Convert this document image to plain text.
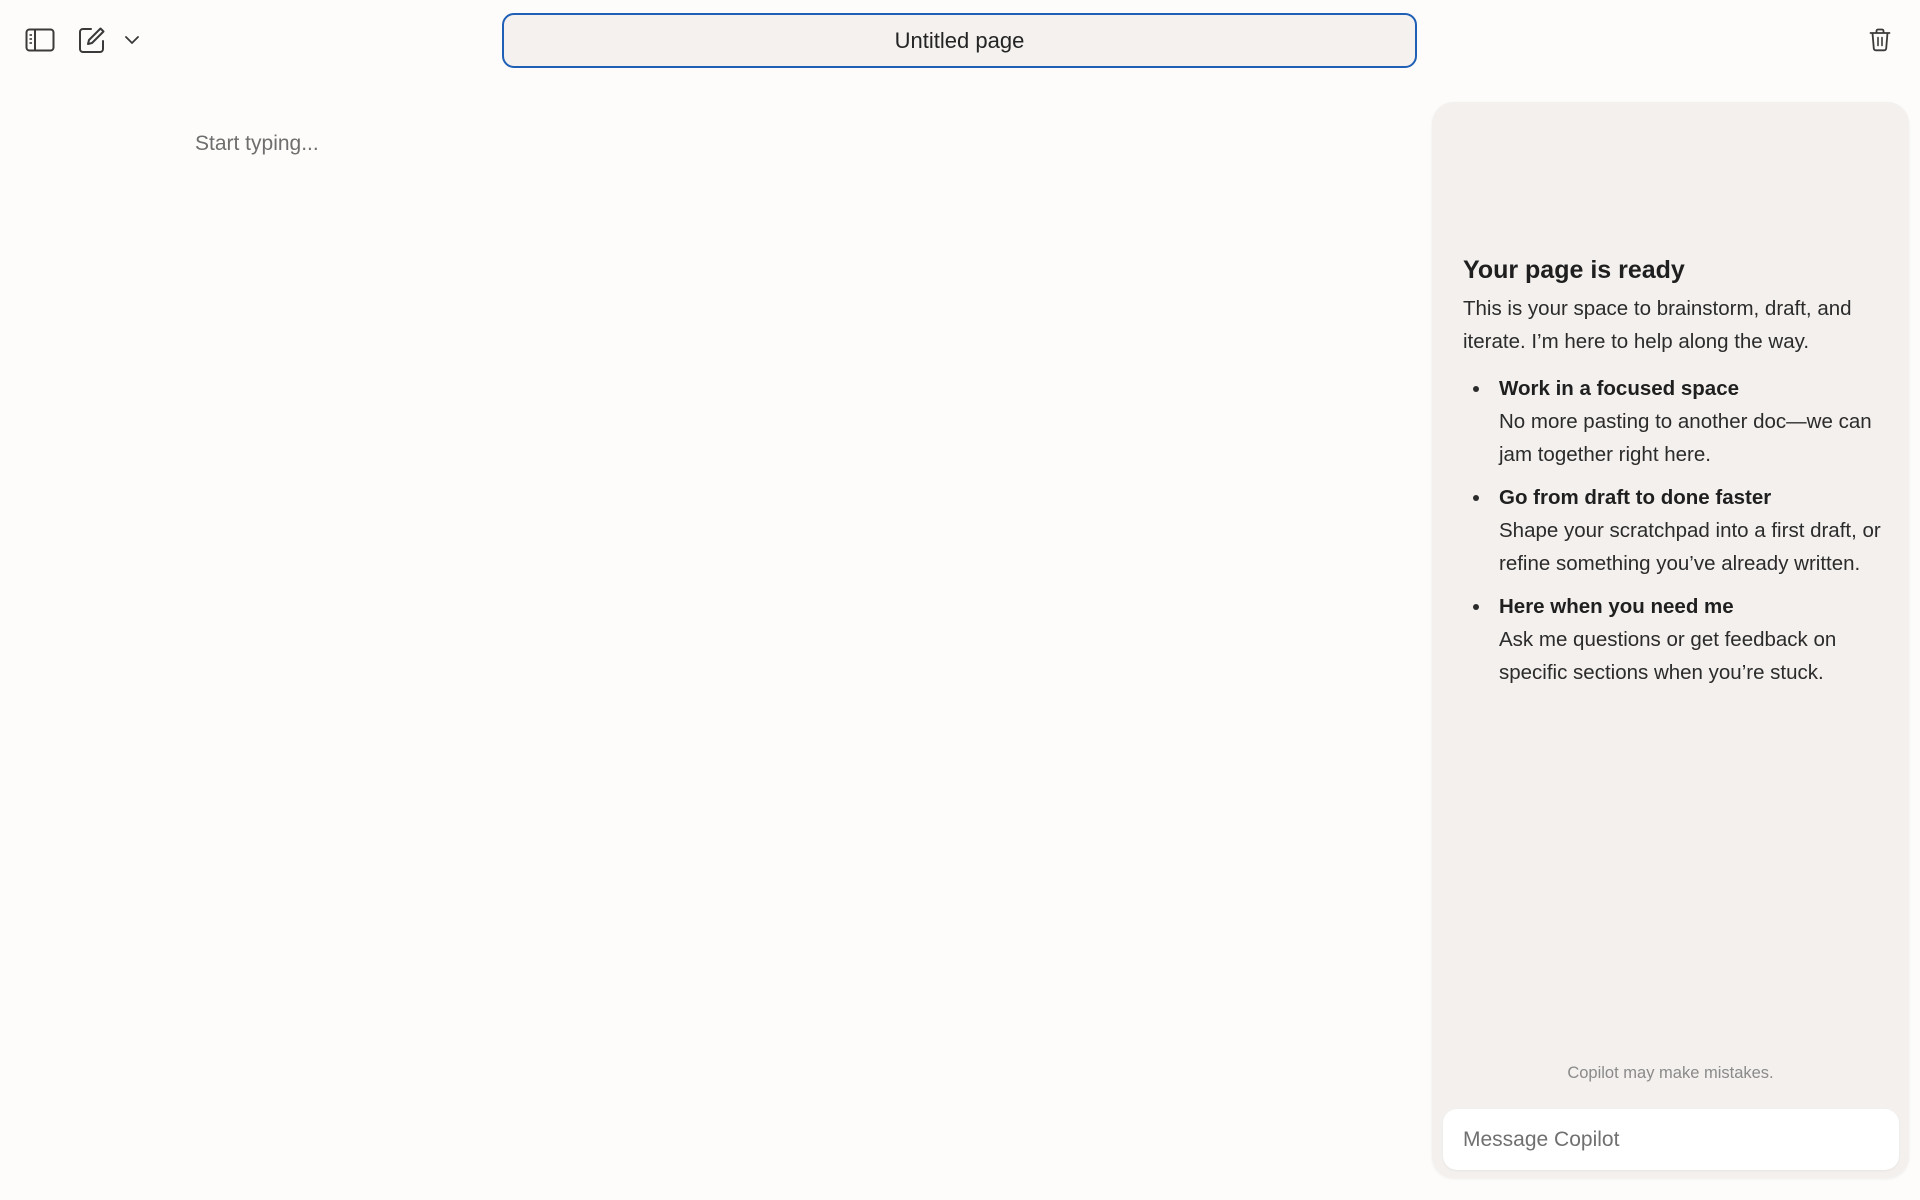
Untitled page
Start typing...
Your page is ready

This is your space to brainstorm, draft, and iterate. I’m here to help along the way.

Work in a focused space
No more pasting to another doc—we can jam together right here.
Go from draft to done faster
Shape your scratchpad into a first draft, or refine something you’ve already written.
Here when you need me
Ask me questions or get feedback on specific sections when you’re stuck.
Copilot may make mistakes.
Message Copilot
